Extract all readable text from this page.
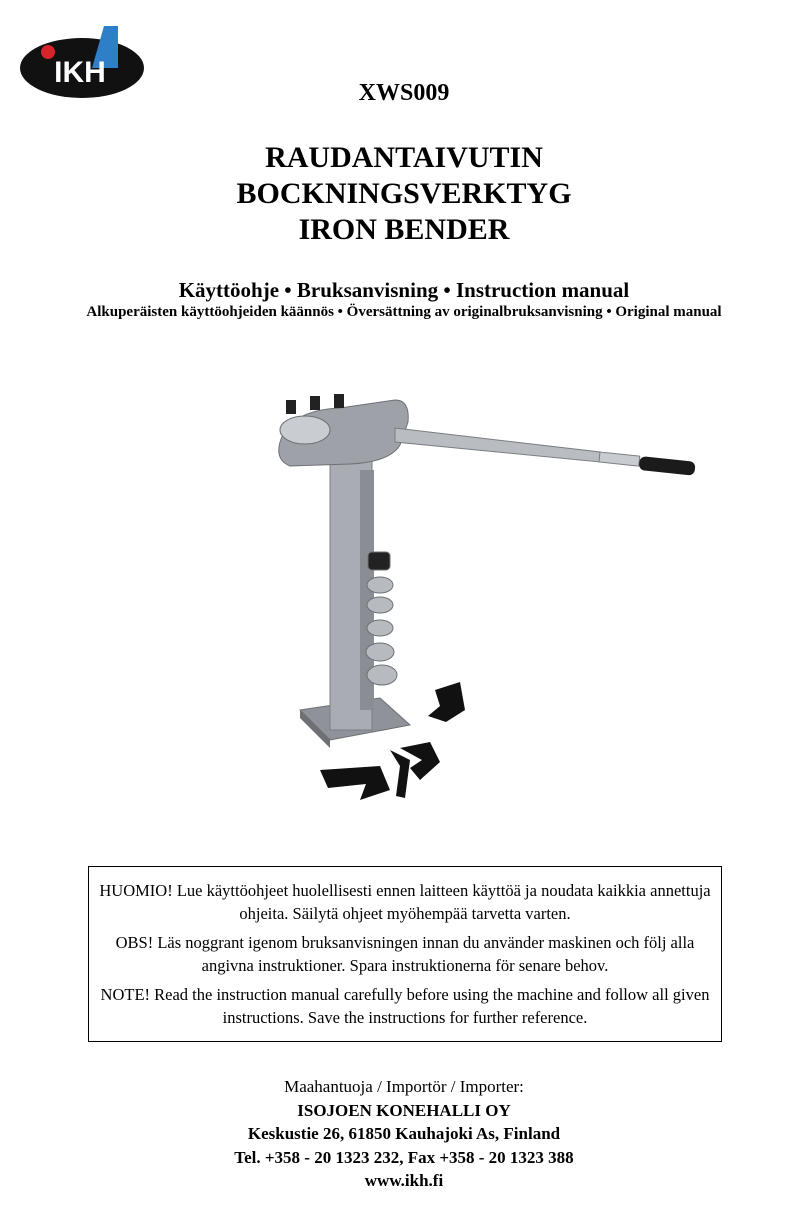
IKH
XWS009
RAUDANTAIVUTIN
BOCKNINGSVERKTYG
IRON BENDER
Käyttöohje • Bruksanvisning • Instruction manual
Alkuperäisten käyttöohjeiden käännös • Översättning av originalbruksanvisning • Original manual

HUOMIO! Lue käyttöohjeet huolellisesti ennen laitteen käyttöä ja noudata kaikkia annettuja ohjeita. Säilytä ohjeet myöhempää tarvetta varten.

OBS! Läs noggrant igenom bruksanvisningen innan du använder maskinen och följ alla angivna instruktioner. Spara instruktionerna för senare behov.

NOTE! Read the instruction manual carefully before using the machine and follow all given instructions. Save the instructions for further reference.

Maahantuoja / Importör / Importer:
ISOJOEN KONEHALLI OY
Keskustie 26, 61850 Kauhajoki As, Finland
Tel. +358 - 20 1323 232, Fax +358 - 20 1323 388
www.ikh.fi
